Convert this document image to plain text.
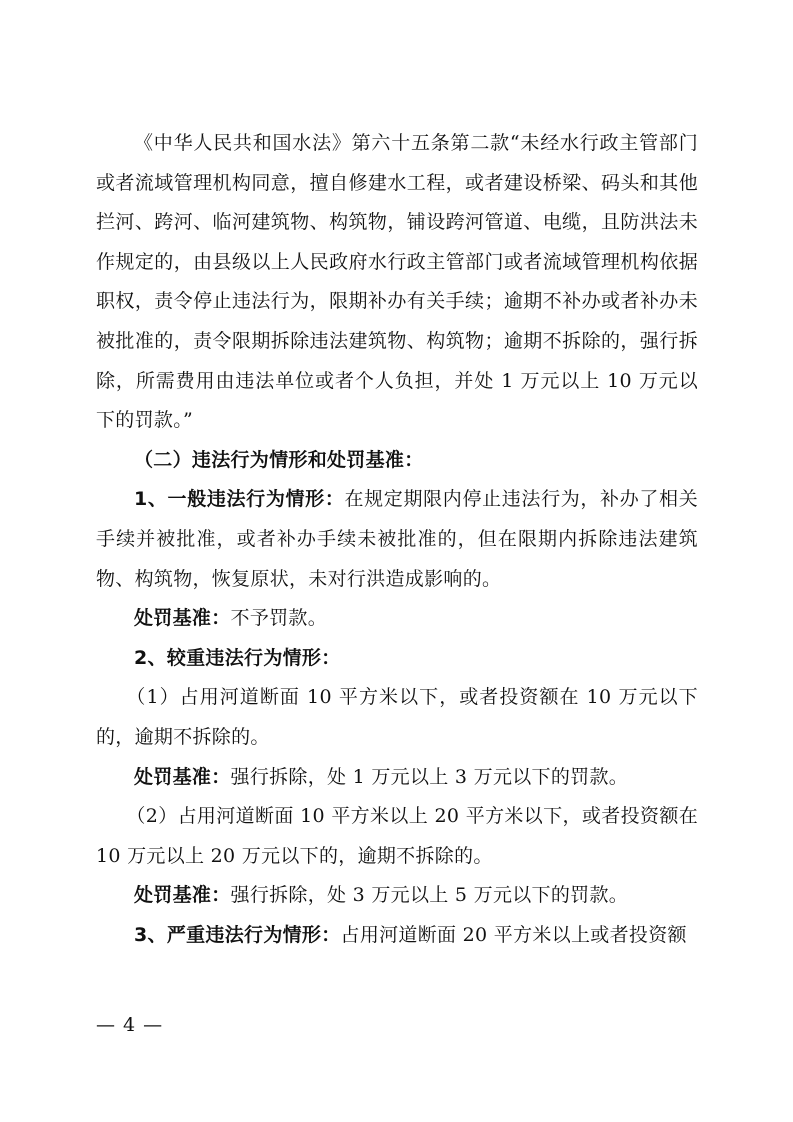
《中华人民共和国水法》第六十五条第二款“未经水行政主管部门或者流域管理机构同意，擅自修建水工程，或者建设桥梁、码头和其他拦河、跨河、临河建筑物、构筑物，铺设跨河管道、电缆，且防洪法未作规定的，由县级以上人民政府水行政主管部门或者流域管理机构依据职权，责令停止违法行为，限期补办有关手续；逾期不补办或者补办未被批准的，责令限期拆除违法建筑物、构筑物；逾期不拆除的，强行拆除，所需费用由违法单位或者个人负担，并处 1 万元以上 10 万元以下的罚款。”

（二）违法行为情形和处罚基准：

1、一般违法行为情形：在规定期限内停止违法行为，补办了相关手续并被批准，或者补办手续未被批准的，但在限期内拆除违法建筑物、构筑物，恢复原状，未对行洪造成影响的。

处罚基准：不予罚款。

2、较重违法行为情形：

（1）占用河道断面 10 平方米以下，或者投资额在 10 万元以下的，逾期不拆除的。

处罚基准：强行拆除，处 1 万元以上 3 万元以下的罚款。

（2）占用河道断面 10 平方米以上 20 平方米以下，或者投资额在 10 万元以上 20 万元以下的，逾期不拆除的。

处罚基准：强行拆除，处 3 万元以上 5 万元以下的罚款。

3、严重违法行为情形：占用河道断面 20 平方米以上或者投资额

— 4 —
